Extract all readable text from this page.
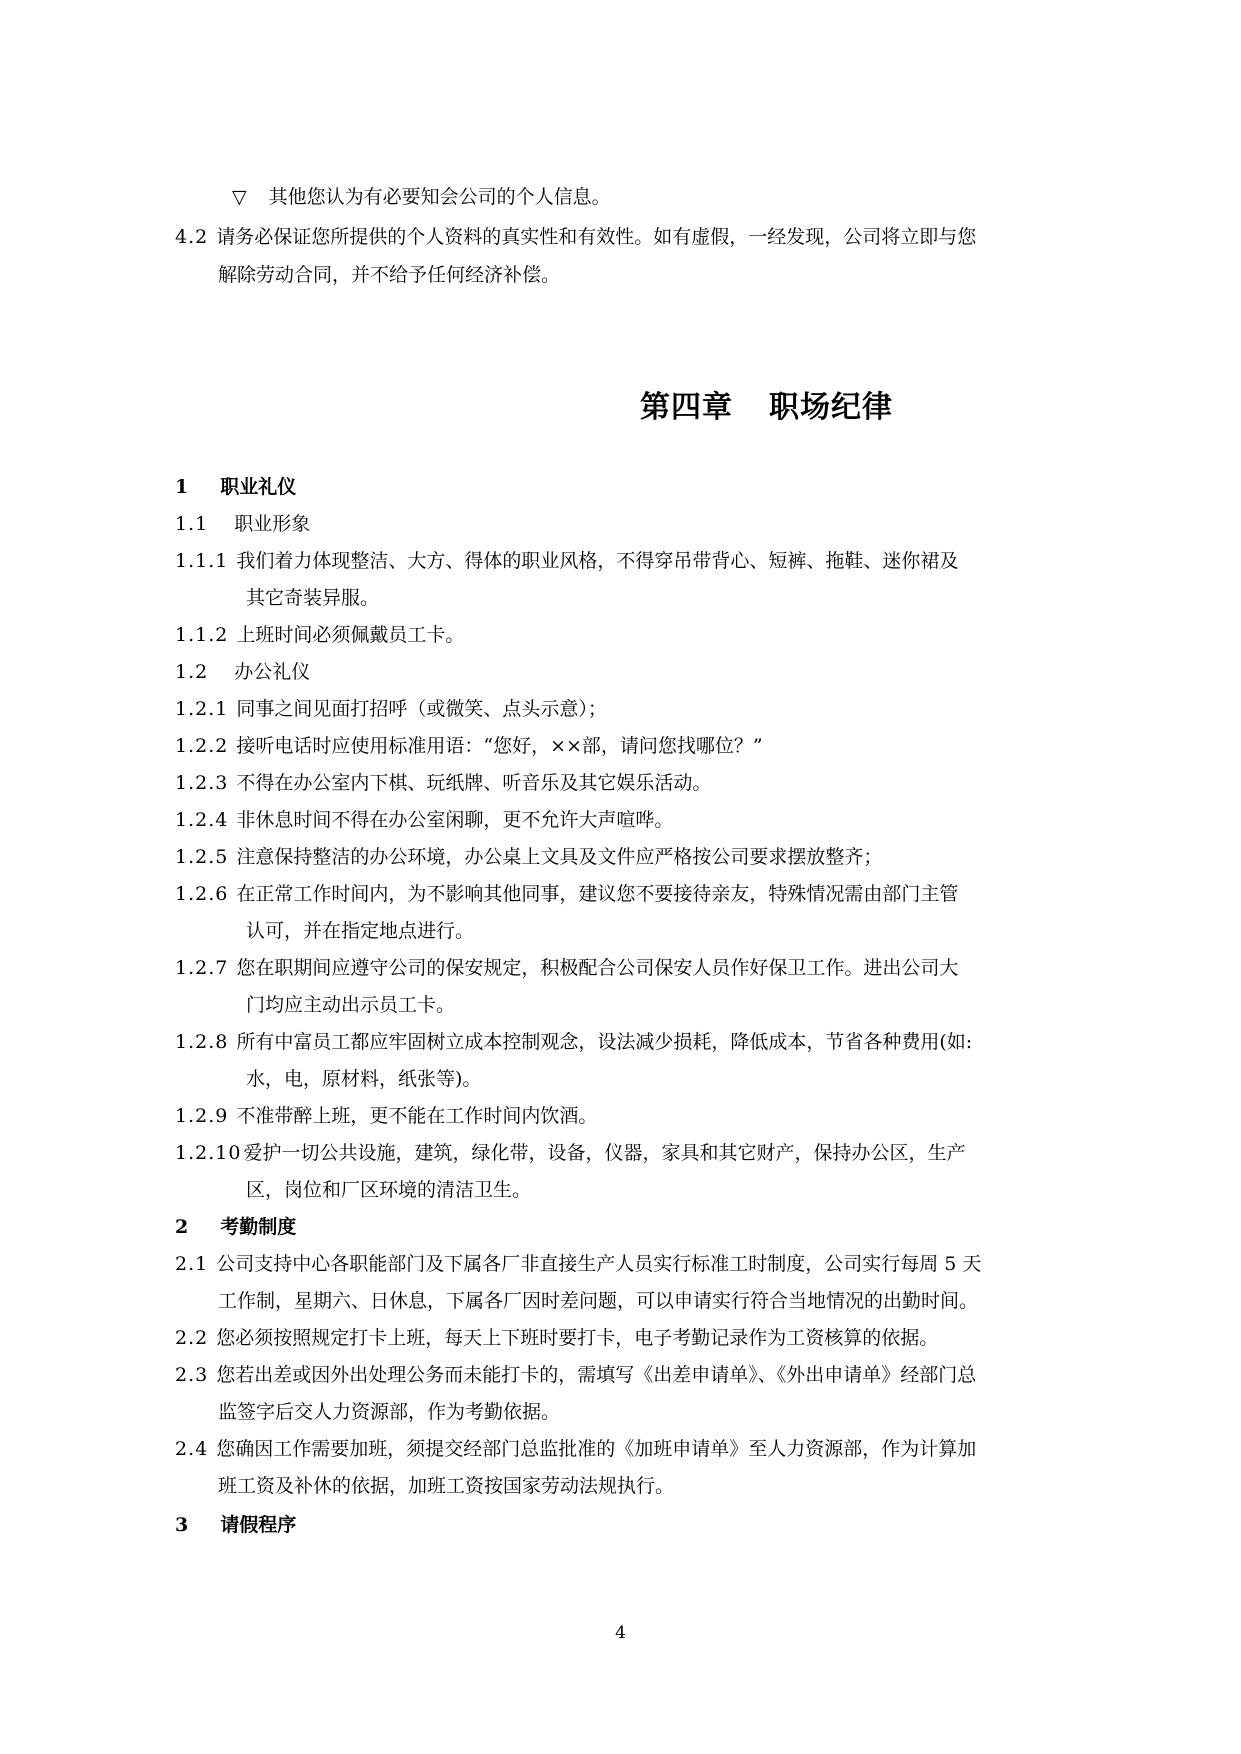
▽ 其他您认为有必要知会公司的个人信息。
4.2 请务必保证您所提供的个人资料的真实性和有效性。如有虚假，一经发现，公司将立即与您
解除劳动合同，并不给予任何经济补偿。
第四章 职场纪律
1 职业礼仪
1.1 职业形象
1.1.1 我们着力体现整洁、大方、得体的职业风格，不得穿吊带背心、短裤、拖鞋、迷你裙及
其它奇装异服。
1.1.2 上班时间必须佩戴员工卡。
1.2 办公礼仪
1.2.1 同事之间见面打招呼（或微笑、点头示意）；
1.2.2 接听电话时应使用标准用语：“您好，××部，请问您找哪位？”
1.2.3 不得在办公室内下棋、玩纸牌、听音乐及其它娱乐活动。
1.2.4 非休息时间不得在办公室闲聊，更不允许大声喧哗。
1.2.5 注意保持整洁的办公环境，办公桌上文具及文件应严格按公司要求摆放整齐；
1.2.6 在正常工作时间内，为不影响其他同事，建议您不要接待亲友，特殊情况需由部门主管
认可，并在指定地点进行。
1.2.7 您在职期间应遵守公司的保安规定，积极配合公司保安人员作好保卫工作。进出公司大
门均应主动出示员工卡。
1.2.8 所有中富员工都应牢固树立成本控制观念，设法减少损耗，降低成本，节省各种费用(如:
水，电，原材料，纸张等)。
1.2.9 不准带醉上班，更不能在工作时间内饮酒。
1.2.10 爱护一切公共设施，建筑，绿化带，设备，仪器，家具和其它财产，保持办公区，生产
区，岗位和厂区环境的清洁卫生。
2 考勤制度
2.1 公司支持中心各职能部门及下属各厂非直接生产人员实行标准工时制度，公司实行每周 5 天
工作制，星期六、日休息，下属各厂因时差问题，可以申请实行符合当地情况的出勤时间。
2.2 您必须按照规定打卡上班，每天上下班时要打卡，电子考勤记录作为工资核算的依据。
2.3 您若出差或因外出处理公务而未能打卡的，需填写《出差申请单》、《外出申请单》经部门总
监签字后交人力资源部，作为考勤依据。
2.4 您确因工作需要加班，须提交经部门总监批准的《加班申请单》至人力资源部，作为计算加
班工资及补休的依据，加班工资按国家劳动法规执行。
3 请假程序
4
